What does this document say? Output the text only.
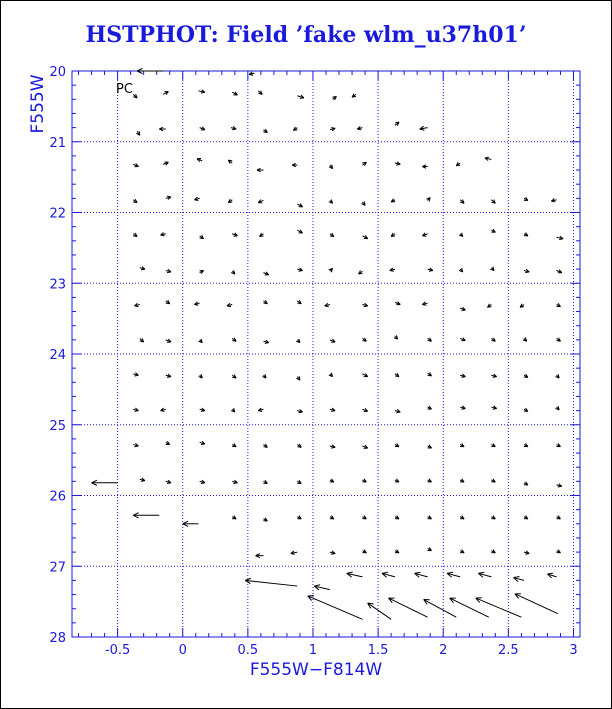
HSTPHOT: Field ’fake wlm_u37h01’
-0.5	0	0.5	1	1.5	2	2.5	3
20
21
22
23
24
25
26
27
28
PC
F555W−F814W
F555W
